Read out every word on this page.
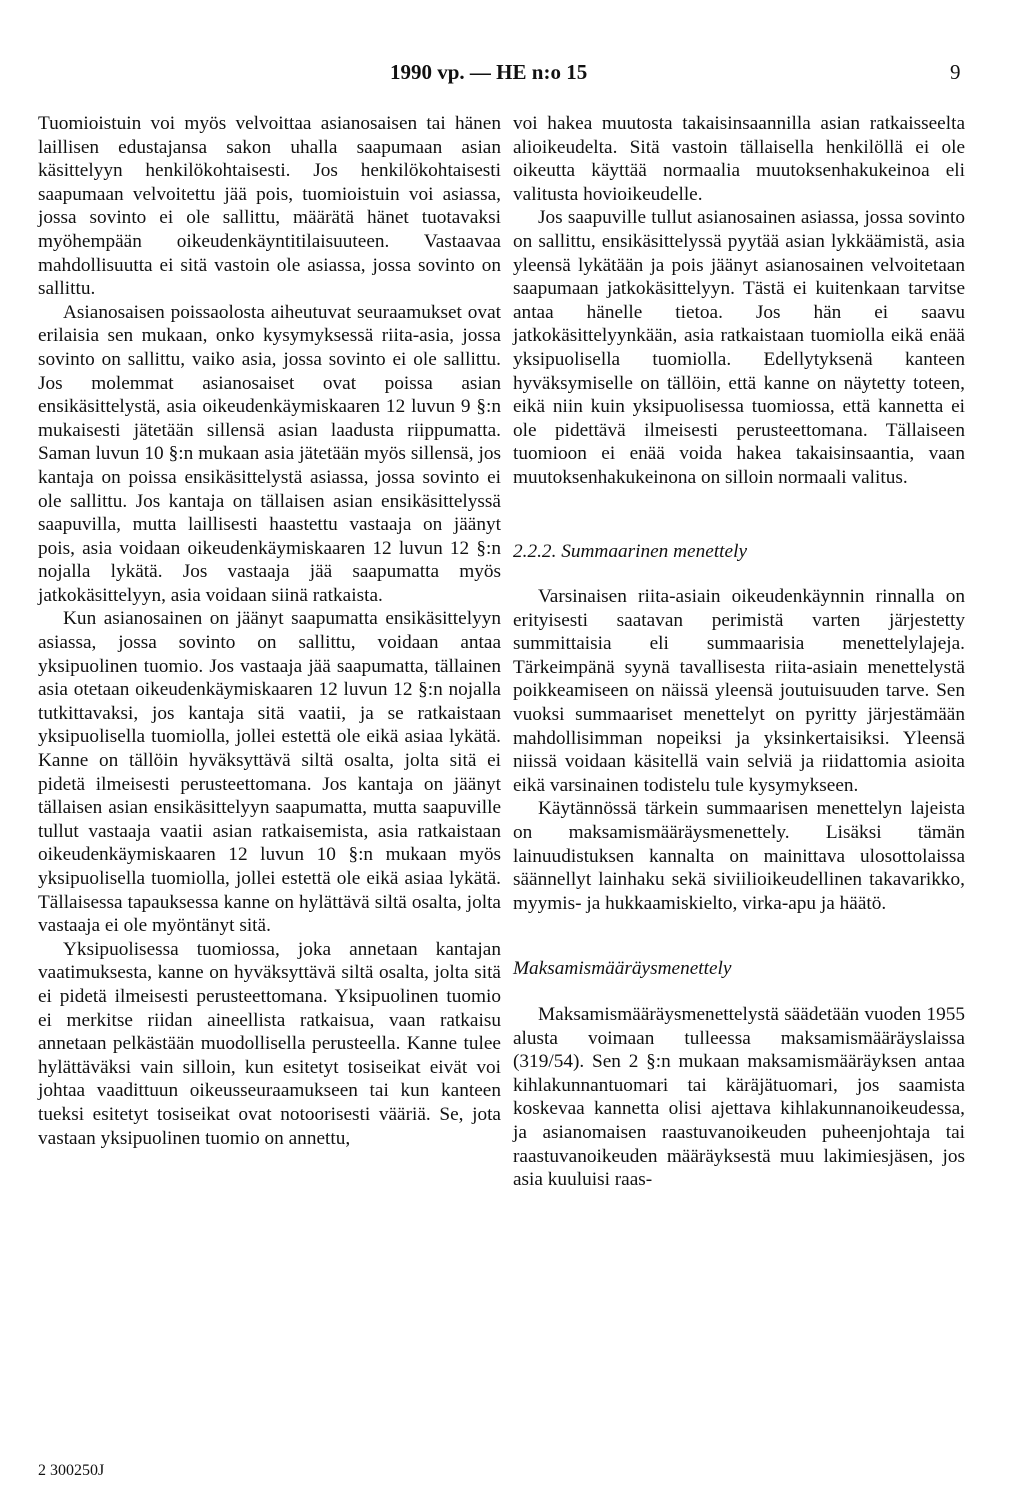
1990 vp. — HE n:o 15	9

Tuomioistuin voi myös velvoittaa asianosaisen tai hänen laillisen edustajansa sakon uhalla saapumaan asian käsittelyyn henkilökohtaisesti. Jos henkilökohtaisesti saapumaan velvoitettu jää pois, tuomioistuin voi asiassa, jossa sovinto ei ole sallittu, määrätä hänet tuotavaksi myöhempään oikeudenkäyntitilaisuuteen. Vastaavaa mahdollisuutta ei sitä vastoin ole asiassa, jossa sovinto on sallittu.

Asianosaisen poissaolosta aiheutuvat seuraamukset ovat erilaisia sen mukaan, onko kysymyksessä riita-asia, jossa sovinto on sallittu, vaiko asia, jossa sovinto ei ole sallittu. Jos molemmat asianosaiset ovat poissa asian ensikäsittelystä, asia oikeudenkäymiskaaren 12 luvun 9 §:n mukaisesti jätetään sillensä asian laadusta riippumatta. Saman luvun 10 §:n mukaan asia jätetään myös sillensä, jos kantaja on poissa ensikäsittelystä asiassa, jossa sovinto ei ole sallittu. Jos kantaja on tällaisen asian ensikäsittelyssä saapuvilla, mutta laillisesti haastettu vastaaja on jäänyt pois, asia voidaan oikeudenkäymiskaaren 12 luvun 12 §:n nojalla lykätä. Jos vastaaja jää saapumatta myös jatkokäsittelyyn, asia voidaan siinä ratkaista.

Kun asianosainen on jäänyt saapumatta ensikäsittelyyn asiassa, jossa sovinto on sallittu, voidaan antaa yksipuolinen tuomio. Jos vastaaja jää saapumatta, tällainen asia otetaan oikeudenkäymiskaaren 12 luvun 12 §:n nojalla tutkittavaksi, jos kantaja sitä vaatii, ja se ratkaistaan yksipuolisella tuomiolla, jollei estettä ole eikä asiaa lykätä. Kanne on tällöin hyväksyttävä siltä osalta, jolta sitä ei pidetä ilmeisesti perusteettomana. Jos kantaja on jäänyt tällaisen asian ensikäsittelyyn saapumatta, mutta saapuville tullut vastaaja vaatii asian ratkaisemista, asia ratkaistaan oikeudenkäymiskaaren 12 luvun 10 §:n mukaan myös yksipuolisella tuomiolla, jollei estettä ole eikä asiaa lykätä. Tällaisessa tapauksessa kanne on hylättävä siltä osalta, jolta vastaaja ei ole myöntänyt sitä.

Yksipuolisessa tuomiossa, joka annetaan kantajan vaatimuksesta, kanne on hyväksyttävä siltä osalta, jolta sitä ei pidetä ilmeisesti perusteettomana. Yksipuolinen tuomio ei merkitse riidan aineellista ratkaisua, vaan ratkaisu annetaan pelkästään muodollisella perusteella. Kanne tulee hylättäväksi vain silloin, kun esitetyt tosiseikat eivät voi johtaa vaadittuun oikeusseuraamukseen tai kun kanteen tueksi esitetyt tosiseikat ovat notoorisesti vääriä. Se, jota vastaan yksipuolinen tuomio on annettu,

voi hakea muutosta takaisinsaannilla asian ratkaisseelta alioikeudelta. Sitä vastoin tällaisella henkilöllä ei ole oikeutta käyttää normaalia muutoksenhakukeinoa eli valitusta hovioikeudelle.

Jos saapuville tullut asianosainen asiassa, jossa sovinto on sallittu, ensikäsittelyssä pyytää asian lykkäämistä, asia yleensä lykätään ja pois jäänyt asianosainen velvoitetaan saapumaan jatkokäsittelyyn. Tästä ei kuitenkaan tarvitse antaa hänelle tietoa. Jos hän ei saavu jatkokäsittelyynkään, asia ratkaistaan tuomiolla eikä enää yksipuolisella tuomiolla. Edellytyksenä kanteen hyväksymiselle on tällöin, että kanne on näytetty toteen, eikä niin kuin yksipuolisessa tuomiossa, että kannetta ei ole pidettävä ilmeisesti perusteettomana. Tällaiseen tuomioon ei enää voida hakea takaisinsaantia, vaan muutoksenhakukeinona on silloin normaali valitus.

2.2.2. Summaarinen menettely

Varsinaisen riita-asiain oikeudenkäynnin rinnalla on erityisesti saatavan perimistä varten järjestetty summittaisia eli summaarisia menettelylajeja. Tärkeimpänä syynä tavallisesta riita-asiain menettelystä poikkeamiseen on näissä yleensä joutuisuuden tarve. Sen vuoksi summaariset menettelyt on pyritty järjestämään mahdollisimman nopeiksi ja yksinkertaisiksi. Yleensä niissä voidaan käsitellä vain selviä ja riidattomia asioita eikä varsinainen todistelu tule kysymykseen.

Käytännössä tärkein summaarisen menettelyn lajeista on maksamismääräysmenettely. Lisäksi tämän lainuudistuksen kannalta on mainittava ulosottolaissa säännellyt lainhaku sekä siviilioikeudellinen takavarikko, myymis- ja hukkaamiskielto, virka-apu ja häätö.

Maksamismääräysmenettely

Maksamismääräysmenettelystä säädetään vuoden 1955 alusta voimaan tulleessa maksamismääräyslaissa (319/54). Sen 2 §:n mukaan maksamismääräyksen antaa kihlakunnantuomari tai käräjätuomari, jos saamista koskevaa kannetta olisi ajettava kihlakunnanoikeudessa, ja asianomaisen raastuvanoikeuden puheenjohtaja tai raastuvanoikeuden määräyksestä muu lakimiesjäsen, jos asia kuuluisi raas-

2 300250J
